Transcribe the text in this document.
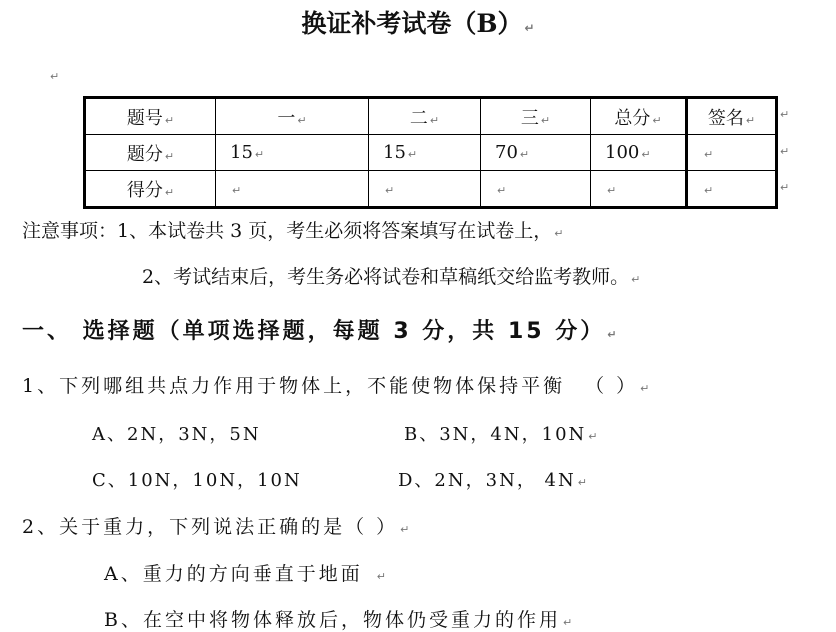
换证补考试卷（B） ↵
↵
题号 ↵	一 ↵	二 ↵	三 ↵	总分 ↵	签名 ↵
题分 ↵	15 ↵	15 ↵	70 ↵	100 ↵	↵
得分 ↵	↵	↵	↵	↵	↵
↵
↵
↵
注意事项：1、本试卷共 3 页，考生必须将答案填写在试卷上， ↵
2、考试结束后，考生务必将试卷和草稿纸交给监考教师。 ↵
一、 选择题（单项选择题，每题 3 分，共 15 分） ↵
1、下列哪组共点力作用于物体上，不能使物体保持平衡 （ ） ↵
A、2N，3N，5N	B、3N，4N，10N ↵
C、10N，10N，10N	D、2N，3N， 4N ↵
2、关于重力，下列说法正确的是（ ） ↵
A、重力的方向垂直于地面 ↵
B、在空中将物体释放后，物体仍受重力的作用 ↵
